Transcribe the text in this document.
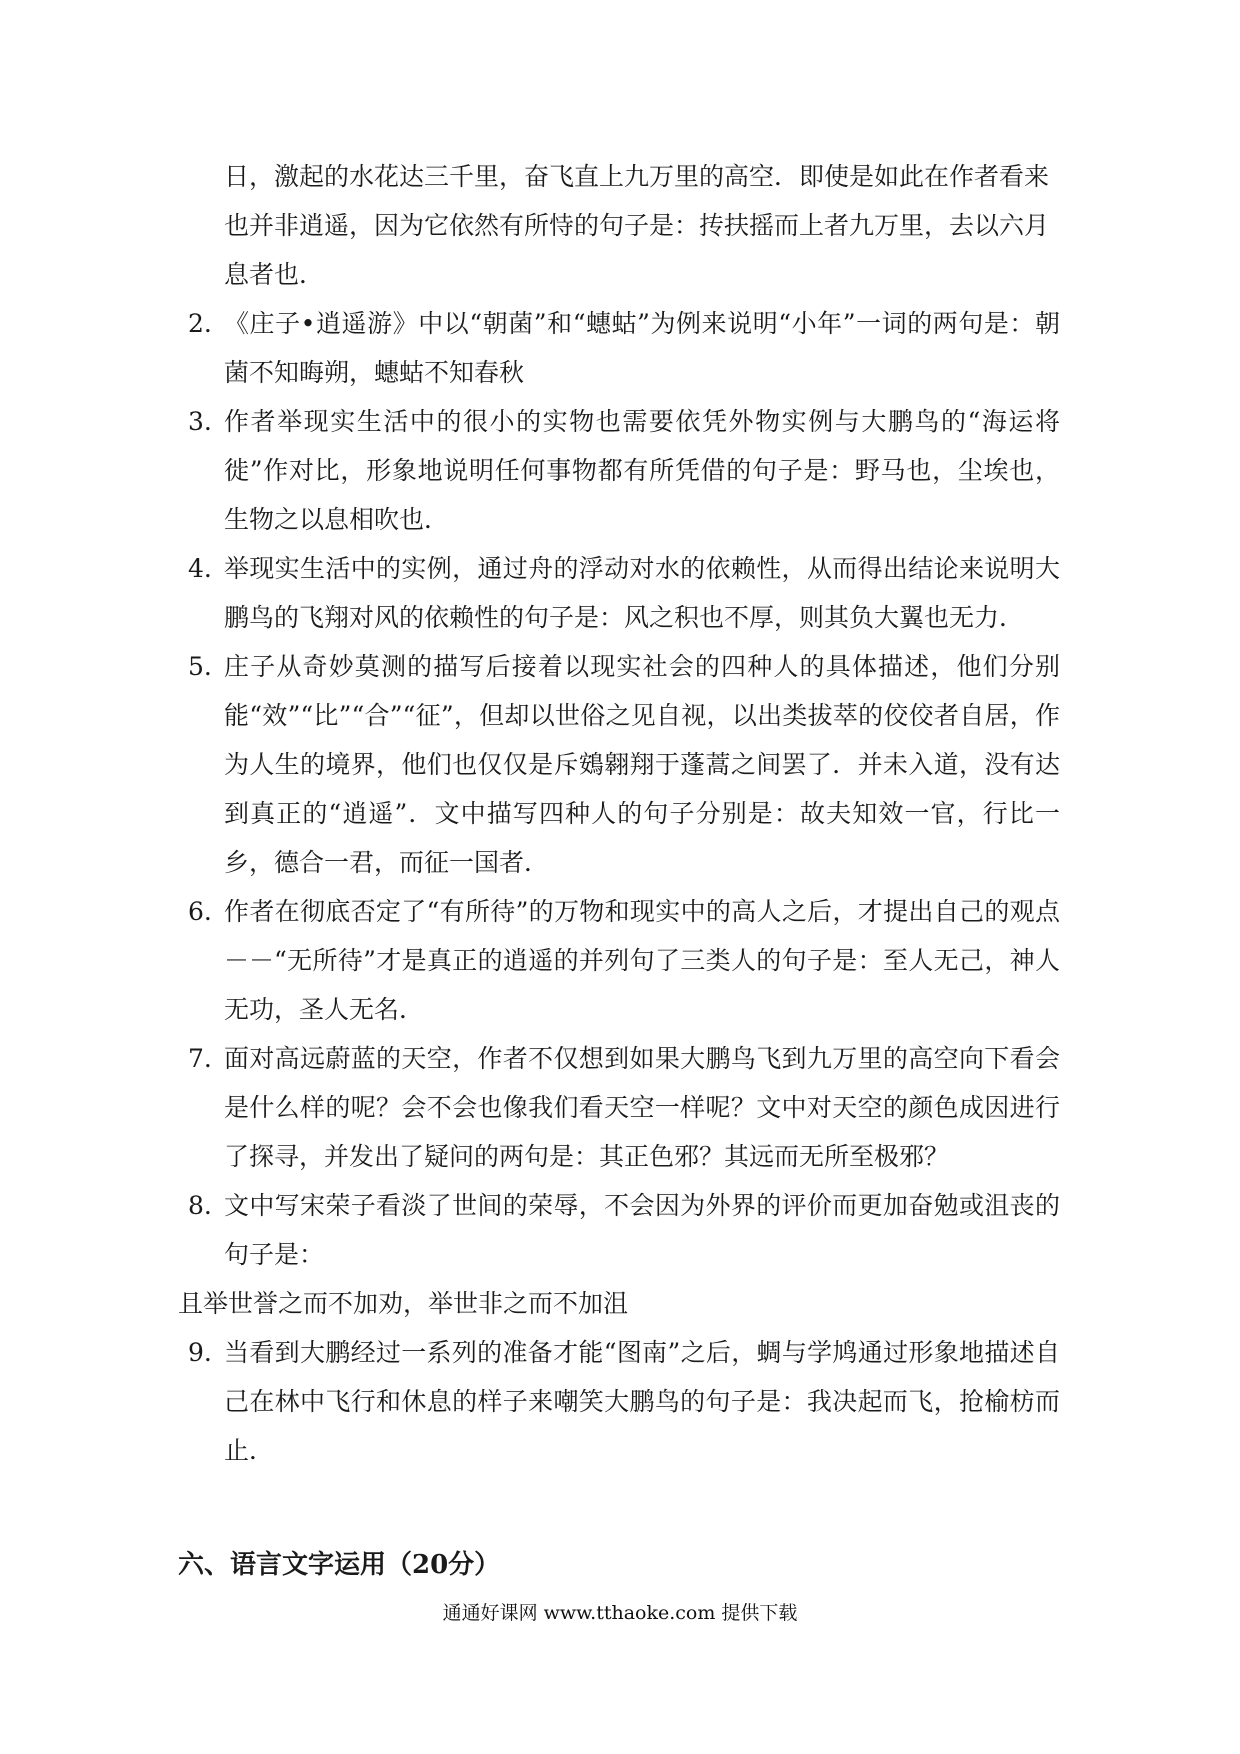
日，激起的水花达三千里，奋飞直上九万里的高空．即使是如此在作者看来也并非逍遥，因为它依然有所恃的句子是：抟扶摇而上者九万里，去以六月息者也．

2. 《庄子•逍遥游》中以“朝菌”和“蟪蛄”为例来说明“小年”一词的两句是：朝菌不知晦朔，蟪蛄不知春秋
3. 作者举现实生活中的很小的实物也需要依凭外物实例与大鹏鸟的“海运将徙”作对比，形象地说明任何事物都有所凭借的句子是：野马也，尘埃也，生物之以息相吹也．
4. 举现实生活中的实例，通过舟的浮动对水的依赖性，从而得出结论来说明大鹏鸟的飞翔对风的依赖性的句子是：风之积也不厚，则其负大翼也无力．
5. 庄子从奇妙莫测的描写后接着以现实社会的四种人的具体描述，他们分别能“效”“比”“合”“征”，但却以世俗之见自视，以出类拔萃的佼佼者自居，作为人生的境界，他们也仅仅是斥鴳翱翔于蓬蒿之间罢了．并未入道，没有达到真正的“逍遥”．文中描写四种人的句子分别是：故夫知效一官，行比一乡，德合一君，而征一国者．
6. 作者在彻底否定了“有所待”的万物和现实中的高人之后，才提出自己的观点－－“无所待”才是真正的逍遥的并列句了三类人的句子是：至人无己，神人无功，圣人无名．
7. 面对高远蔚蓝的天空，作者不仅想到如果大鹏鸟飞到九万里的高空向下看会是什么样的呢？会不会也像我们看天空一样呢？文中对天空的颜色成因进行了探寻，并发出了疑问的两句是：其正色邪？其远而无所至极邪？
8. 文中写宋荣子看淡了世间的荣辱，不会因为外界的评价而更加奋勉或沮丧的句子是：

且举世誉之而不加劝，举世非之而不加沮

9. 当看到大鹏经过一系列的准备才能“图南”之后，蜩与学鸠通过形象地描述自己在林中飞行和休息的样子来嘲笑大鹏鸟的句子是：我决起而飞，抢榆枋而止．
六、语言文字运用（20分）
通通好课网 www.tthaoke.com 提供下载
